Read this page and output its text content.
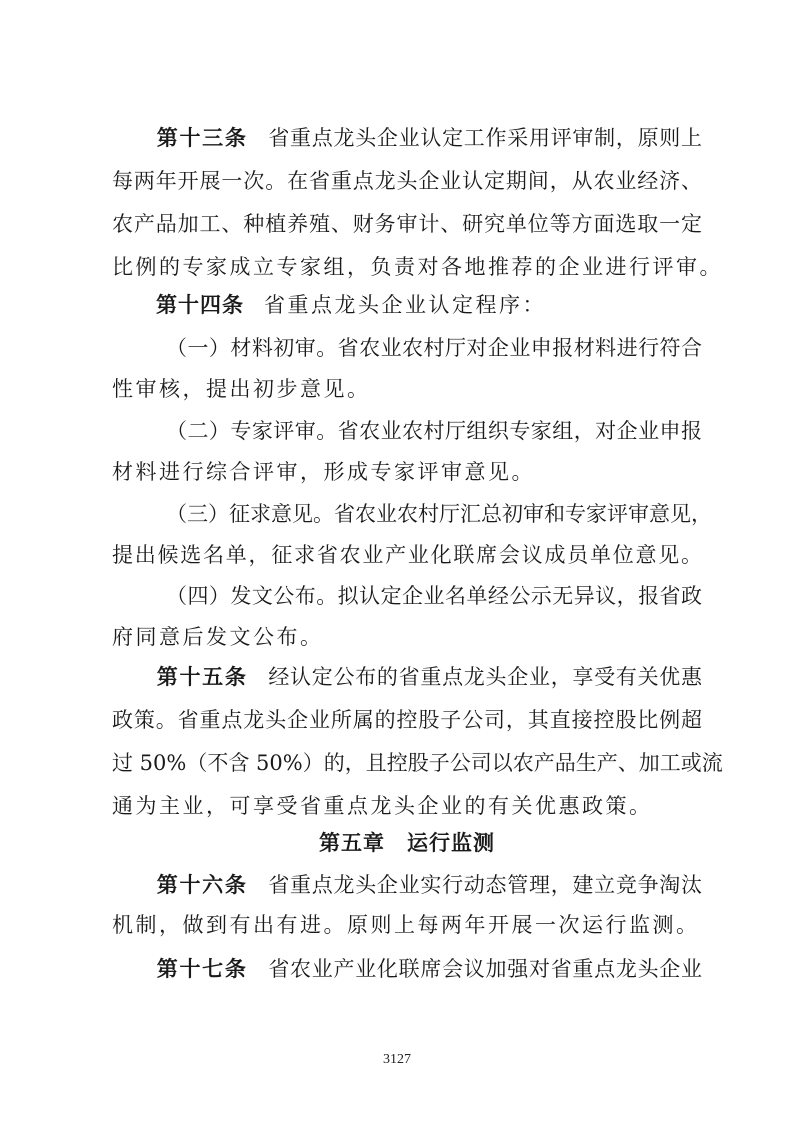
第十三条 省重点龙头企业认定工作采用评审制，原则上
每两年开展一次。在省重点龙头企业认定期间，从农业经济、
农产品加工、种植养殖、财务审计、研究单位等方面选取一定
比例的专家成立专家组，负责对各地推荐的企业进行评审。
第十四条 省重点龙头企业认定程序：
（一）材料初审。省农业农村厅对企业申报材料进行符合
性审核，提出初步意见。
（二）专家评审。省农业农村厅组织专家组，对企业申报
材料进行综合评审，形成专家评审意见。
（三）征求意见。省农业农村厅汇总初审和专家评审意见，
提出候选名单，征求省农业产业化联席会议成员单位意见。
（四）发文公布。拟认定企业名单经公示无异议，报省政
府同意后发文公布。
第十五条 经认定公布的省重点龙头企业，享受有关优惠
政策。省重点龙头企业所属的控股子公司，其直接控股比例超
过 50%（不含 50%）的，且控股子公司以农产品生产、加工或流
通为主业，可享受省重点龙头企业的有关优惠政策。
第五章 运行监测
第十六条 省重点龙头企业实行动态管理，建立竞争淘汰
机制，做到有出有进。原则上每两年开展一次运行监测。
第十七条 省农业产业化联席会议加强对省重点龙头企业
3127
